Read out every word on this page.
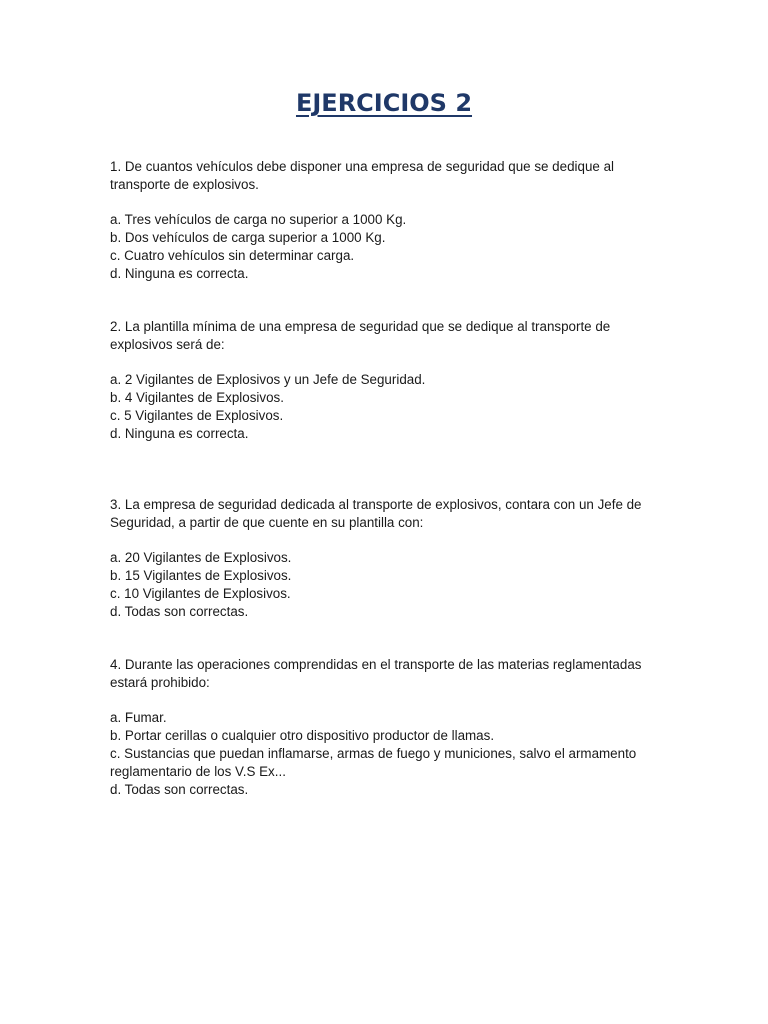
EJERCICIOS 2

1. De cuantos vehículos debe disponer una empresa de seguridad que se dedique al transporte de explosivos.

a. Tres vehículos de carga no superior a 1000 Kg.

b. Dos vehículos de carga superior a 1000 Kg.

c. Cuatro vehículos sin determinar carga.

d. Ninguna es correcta.

2. La plantilla mínima de una empresa de seguridad que se dedique al transporte de explosivos será de:

a. 2 Vigilantes de Explosivos y un Jefe de Seguridad.

b. 4 Vigilantes de Explosivos.

c. 5 Vigilantes de Explosivos.

d. Ninguna es correcta.

3. La empresa de seguridad dedicada al transporte de explosivos, contara con un Jefe de Seguridad, a partir de que cuente en su plantilla con:

a. 20 Vigilantes de Explosivos.

b. 15 Vigilantes de Explosivos.

c. 10 Vigilantes de Explosivos.

d. Todas son correctas.

4. Durante las operaciones comprendidas en el transporte de las materias reglamentadas estará prohibido:

a. Fumar.

b. Portar cerillas o cualquier otro dispositivo productor de llamas.

c. Sustancias que puedan inflamarse, armas de fuego y municiones, salvo el armamento reglamentario de los V.S Ex...

d. Todas son correctas.
